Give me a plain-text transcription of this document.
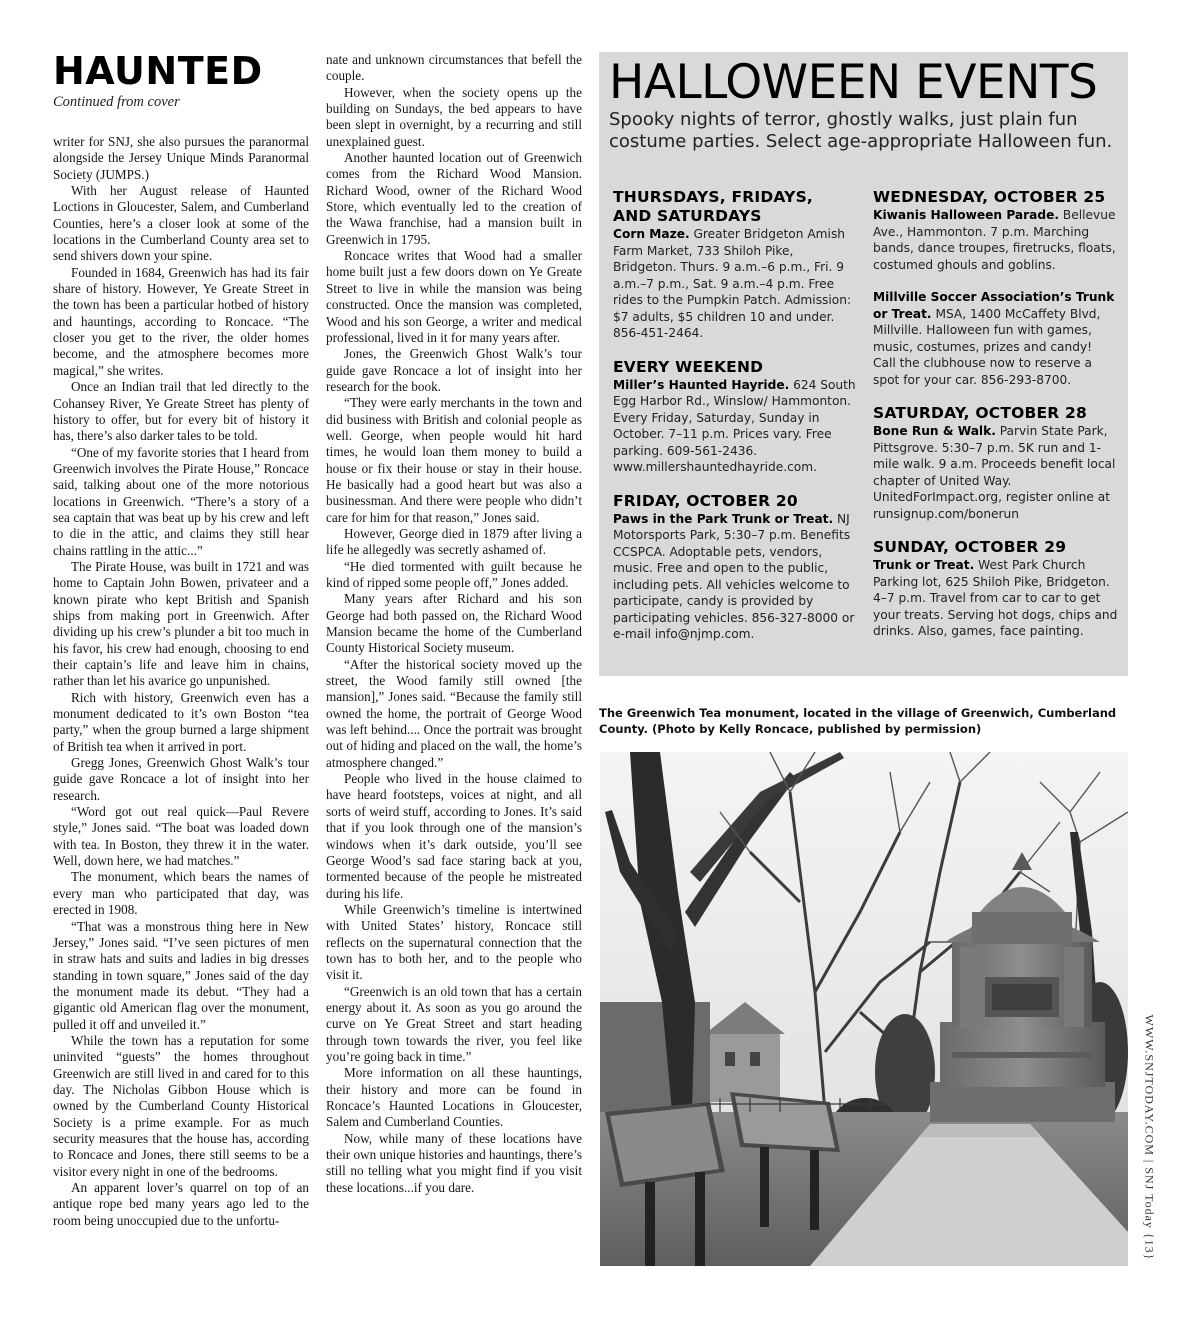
HAUNTED
Continued from cover

writer for SNJ, she also pursues the paranormal alongside the Jersey Unique Minds Paranormal Society (JUMPS.)

With her August release of Haunted Loctions in Gloucester, Salem, and Cumberland Counties, here’s a closer look at some of the locations in the Cumberland County area set to send shivers down your spine.

Founded in 1684, Greenwich has had its fair share of history. However, Ye Greate Street in the town has been a particular hotbed of history and hauntings, according to Roncace. “The closer you get to the river, the older homes become, and the atmosphere becomes more magical,” she writes.

Once an Indian trail that led directly to the Cohansey River, Ye Greate Street has plenty of history to offer, but for every bit of history it has, there’s also darker tales to be told.

“One of my favorite stories that I heard from Greenwich involves the Pirate House,” Roncace said, talking about one of the more notorious locations in Greenwich. “There’s a story of a sea captain that was beat up by his crew and left to die in the attic, and claims they still hear chains rattling in the attic...”

The Pirate House, was built in 1721 and was home to Captain John Bowen, privateer and a known pirate who kept British and Spanish ships from making port in Greenwich. After dividing up his crew’s plunder a bit too much in his favor, his crew had enough, choosing to end their captain’s life and leave him in chains, rather than let his avarice go unpunished.

Rich with history, Greenwich even has a monument dedicated to it’s own Boston “tea party,” when the group burned a large shipment of British tea when it arrived in port.

Gregg Jones, Greenwich Ghost Walk’s tour guide gave Roncace a lot of insight into her research.

“Word got out real quick—Paul Revere style,” Jones said. “The boat was loaded down with tea. In Boston, they threw it in the water. Well, down here, we had matches.”

The monument, which bears the names of every man who participated that day, was erected in 1908.

“That was a monstrous thing here in New Jersey,” Jones said. “I’ve seen pictures of men in straw hats and suits and ladies in big dresses standing in town square,” Jones said of the day the monument made its debut. “They had a gigantic old American flag over the monument, pulled it off and unveiled it.”

While the town has a reputation for some uninvited “guests” the homes throughout Greenwich are still lived in and cared for to this day. The Nicholas Gibbon House which is owned by the Cumberland County Historical Society is a prime example. For as much security measures that the house has, according to Roncace and Jones, there still seems to be a visitor every night in one of the bedrooms.

An apparent lover’s quarrel on top of an antique rope bed many years ago led to the room being unoccupied due to the unfortu-

nate and unknown circumstances that befell the couple.

However, when the society opens up the building on Sundays, the bed appears to have been slept in overnight, by a recurring and still unexplained guest.

Another haunted location out of Greenwich comes from the Richard Wood Mansion. Richard Wood, owner of the Richard Wood Store, which eventually led to the creation of the Wawa franchise, had a mansion built in Greenwich in 1795.

Roncace writes that Wood had a smaller home built just a few doors down on Ye Greate Street to live in while the mansion was being constructed. Once the mansion was completed, Wood and his son George, a writer and medical professional, lived in it for many years after.

Jones, the Greenwich Ghost Walk’s tour guide gave Roncace a lot of insight into her research for the book.

“They were early merchants in the town and did business with British and colonial people as well. George, when people would hit hard times, he would loan them money to build a house or fix their house or stay in their house. He basically had a good heart but was also a businessman. And there were people who didn’t care for him for that reason,” Jones said.

However, George died in 1879 after living a life he allegedly was secretly ashamed of.

“He died tormented with guilt because he kind of ripped some people off,” Jones added.

Many years after Richard and his son George had both passed on, the Richard Wood Mansion became the home of the Cumberland County Historical Society museum.

“After the historical society moved up the street, the Wood family still owned [the mansion],” Jones said. “Because the family still owned the home, the portrait of George Wood was left behind.... Once the portrait was brought out of hiding and placed on the wall, the home’s atmosphere changed.”

People who lived in the house claimed to have heard footsteps, voices at night, and all sorts of weird stuff, according to Jones. It’s said that if you look through one of the mansion’s windows when it’s dark outside, you’ll see George Wood’s sad face staring back at you, tormented because of the people he mistreated during his life.

While Greenwich’s timeline is intertwined with United States’ history, Roncace still reflects on the supernatural connection that the town has to both her, and to the people who visit it.

“Greenwich is an old town that has a certain energy about it. As soon as you go around the curve on Ye Great Street and start heading through town towards the river, you feel like you’re going back in time.”

More information on all these hauntings, their history and more can be found in Roncace’s Haunted Locations in Gloucester, Salem and Cumberland Counties.

Now, while many of these locations have their own unique histories and hauntings, there’s still no telling what you might find if you visit these locations...if you dare.

HALLOWEEN EVENTS
Spooky nights of terror, ghostly walks, just plain fun costume parties. Select age-appropriate Halloween fun.
THURSDAYS, FRIDAYS, AND SATURDAYS
Corn Maze. Greater Bridgeton Amish Farm Market, 733 Shiloh Pike, Bridgeton. Thurs. 9 a.m.–6 p.m., Fri. 9 a.m.–7 p.m., Sat. 9 a.m.–4 p.m. Free rides to the Pumpkin Patch. Admission: $7 adults, $5 children 10 and under. 856-451-2464.
EVERY WEEKEND
Miller’s Haunted Hayride. 624 South Egg Harbor Rd., Winslow/ Hammonton. Every Friday, Saturday, Sunday in October. 7–11 p.m. Prices vary. Free parking. 609-561-2436. www.millershauntedhayride.com.
FRIDAY, OCTOBER 20
Paws in the Park Trunk or Treat. NJ Motorsports Park, 5:30–7 p.m. Benefits CCSPCA. Adoptable pets, vendors, music. Free and open to the public, including pets. All vehicles welcome to participate, candy is provided by participating vehicles. 856-327-8000 or e-mail info@njmp.com.
WEDNESDAY, OCTOBER 25
Kiwanis Halloween Parade. Bellevue Ave., Hammonton. 7 p.m. Marching bands, dance troupes, firetrucks, floats, costumed ghouls and goblins.
Millville Soccer Association’s Trunk or Treat. MSA, 1400 McCaffety Blvd, Millville. Halloween fun with games, music, costumes, prizes and candy! Call the clubhouse now to reserve a spot for your car. 856-293-8700.
SATURDAY, OCTOBER 28
Bone Run & Walk. Parvin State Park, Pittsgrove. 5:30–7 p.m. 5K run and 1-mile walk. 9 a.m. Proceeds benefit local chapter of United Way. UnitedForImpact.org, register online at runsignup.com/bonerun
SUNDAY, OCTOBER 29
Trunk or Treat. West Park Church Parking lot, 625 Shiloh Pike, Bridgeton. 4–7 p.m. Travel from car to car to get your treats. Serving hot dogs, chips and drinks. Also, games, face painting.
The Greenwich Tea monument, located in the village of Greenwich, Cumberland County. (Photo by Kelly Roncace, published by permission)
WWW.SNJTODAY.COM | SNJ Today {13}
